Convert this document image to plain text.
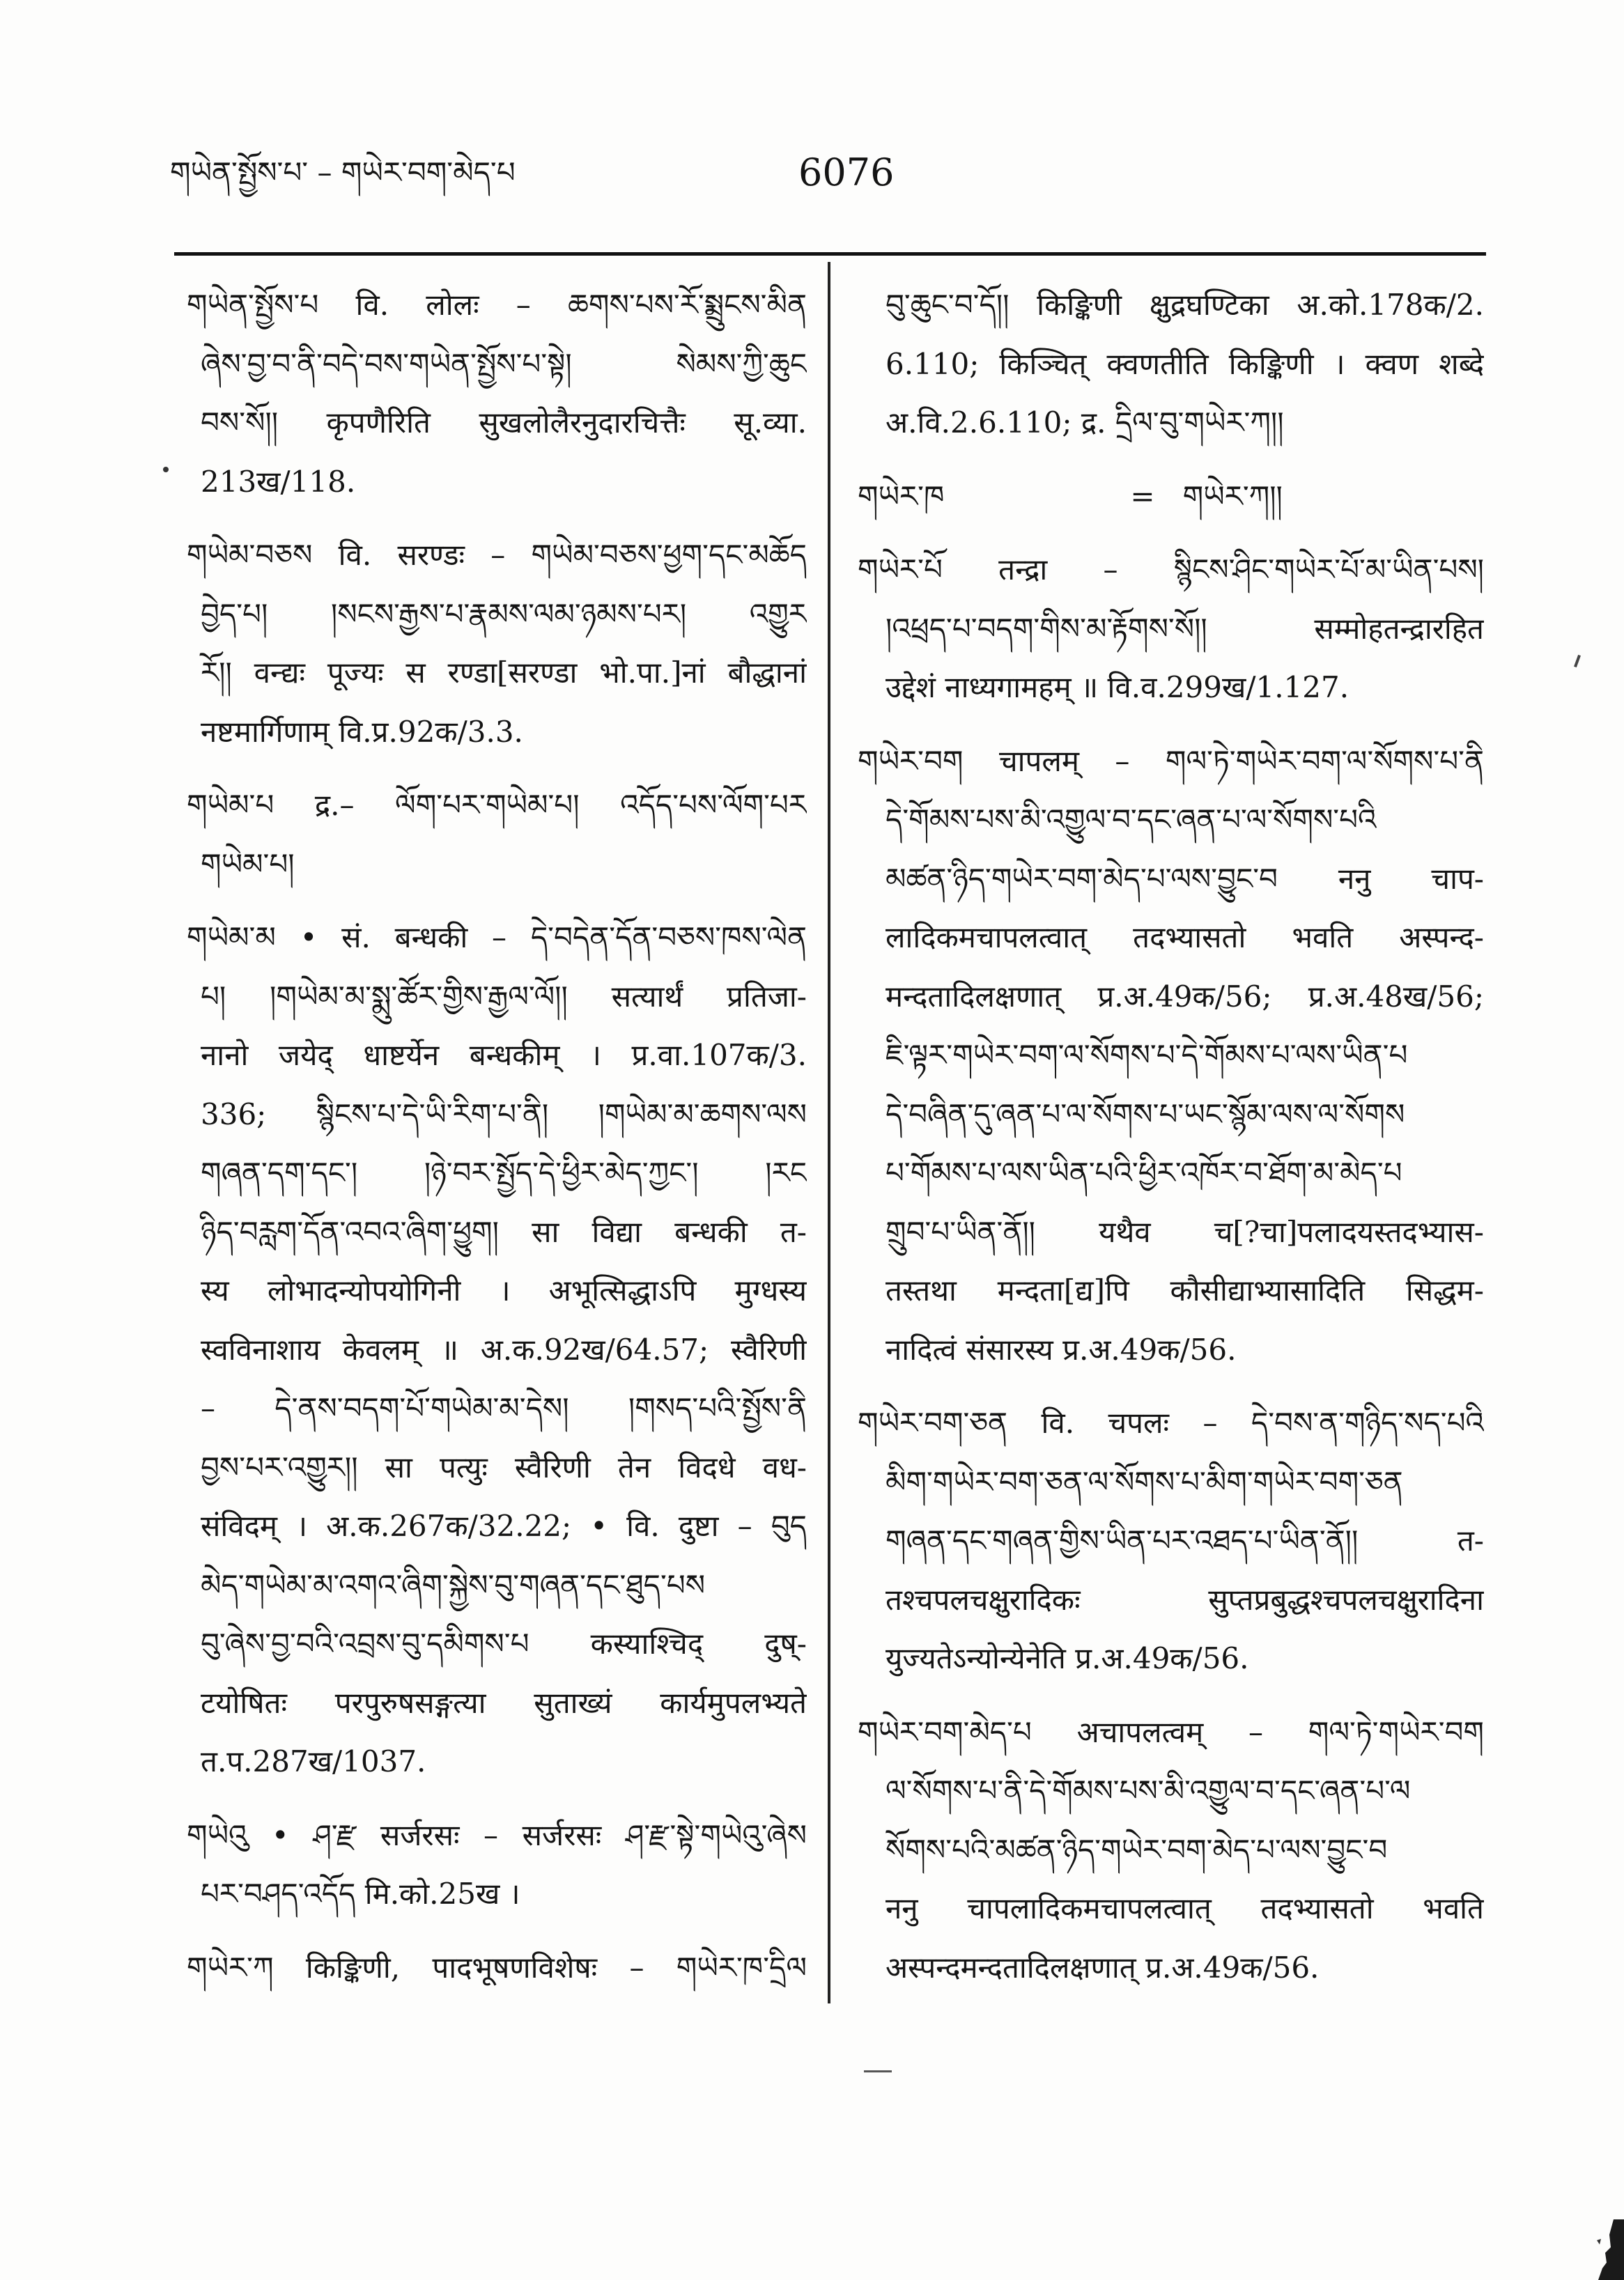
གཡེན་སྤྱོས་པ་ – གཡེར་བག་མེད་པ	6076
གཡེན་སྤྱོས་པ वि. लोलः – ཆགས་པས་རོ་སྨྲུངས་མིན
ཞེས་བྱ་བ་ནི་བདེ་བས་གཡེན་སྤྱོས་པ་སྟེ། སེམས་ཀྱི་ཆུང
བས་སོ།། कृपणैरिति सुखलोलैरनुदारचित्तैः सू.व्या.
213ख/118.
གཡེམ་བཅས वि. सरण्डः – གཡེམ་བཅས་ཕྱག་དང་མཆོད
བྱེད་པ། །སངས་རྒྱས་པ་རྣམས་ལམ་ཉམས་པར། འགྱུར
རོ།། वन्द्यः पूज्यः स रण्डा[सरण्डा भो.पा.]नां बौद्धानां
नष्टमार्गिणाम् वि.प्र.92क/3.3.
གཡེམ་པ द्र.– ལོག་པར་གཡེམ་པ། འདོད་པས་ལོག་པར
གཡེམ་པ།
གཡེམ་མ • सं. बन्धकी – དེ་བདེན་དོན་བཅས་ཁས་ལེན
པ། །གཡེམ་མ་སྨུ་ཚོར་གྱིས་རྒྱལ་ལོ།། सत्यार्थं प्रतिजा-
नानो जयेद् धाष्टर्येन बन्धकीम् । प्र.वा.107क/3.
336; སྙིངས་པ་དེ་ཡི་རིག་པ་ནི། །གཡེམ་མ་ཆགས་ལས
གཞན་དག་དང་། །ཉེ་བར་སྤྱོད་དེ་ཕྱིར་མེད་ཀྱང་། །རང
ཉིད་བརླག་དོན་འབའ་ཞིག་ཕྱུག། सा विद्या बन्धकी त-
स्य लोभादन्योपयोगिनी । अभूत्सिद्धाऽपि मुग्धस्य
स्वविनाशाय केवलम् ॥ अ.क.92ख/64.57; स्वैरिणी
– དེ་ནས་བདག་པོ་གཡེམ་མ་དེས། །གསད་པའི་སྤྱོས་ནི
བྱས་པར་འགྱུར།། सा पत्युः स्वैरिणी तेन विदधे वध-
संविदम् । अ.क.267क/32.22; • वि. दुष्टा – བུད
མེད་གཡེམ་མ་འགའ་ཞིག་སྐྱེས་བུ་གཞན་དང་ཐུད་པས
བུ་ཞེས་བྱ་བའི་འབྲས་བུ་དམིགས་པ कस्याश्चिद् दुष्-
टयोषितः परपुरुषसङ्गत्या सुताख्यं कार्यमुपलभ्यते
त.प.287ख/1037.
གཡེའུ • ཤ་རྫ सर्जरसः – सर्जरसः ཤ་རྫ་སྟེ་གཡེའུ་ཞེས
པར་བཤད་འདོད मि.को.25ख ।
གཡེར་ཀ किङ्किणी, पादभूषणविशेषः – གཡེར་ཁ་དྲིལ
བུ་ཆུང་བ་དོ།། किङ्किणी क्षुद्रघण्टिका अ.को.178क/2.
6.110; किञ्चित् क्वणतीति किङ्किणी । क्वण शब्दे
अ.वि.2.6.110; द्र. དྲིལ་བུ་གཡེར་ཀ།།
གཡེར་ཁ                    =   གཡེར་ཀ།།
གཡེར་པོ तन्द्रा – སྙིངས་ཤིང་གཡེར་པོ་མ་ཡིན་པས།
།འཕྲད་པ་བདག་གིས་མ་རྟོགས་སོ།། सम्मोहतन्द्रारहित
उद्देशं नाध्यगामहम् ॥ वि.व.299ख/1.127.
གཡེར་བག चापलम् – གལ་ཏེ་གཡེར་བག་ལ་སོགས་པ་ནི
དེ་གོམས་པས་མི་འགྱུལ་བ་དང་ཞན་པ་ལ་སོགས་པའི
མཚན་ཉིད་གཡེར་བག་མེད་པ་ལས་བྱུང་བ ननु चाप-
लादिकमचापलत्वात् तदभ्यासतो भवति अस्पन्द-
मन्दतादिलक्षणात् प्र.अ.49क/56; प्र.अ.48ख/56;
ཇི་ལྟར་གཡེར་བག་ལ་སོགས་པ་དེ་གོམས་པ་ལས་ཡིན་པ
དེ་བཞིན་དུ་ཞན་པ་ལ་སོགས་པ་ཡང་སྙོམ་ལས་ལ་སོགས
པ་གོམས་པ་ལས་ཡིན་པའི་ཕྱིར་འཁོར་བ་ཐོག་མ་མེད་པ
གྲུབ་པ་ཡིན་ནོ།། यथैव च[?चा]पलादयस्तदभ्यास-
तस्तथा मन्दता[द्य]पि कौसीद्याभ्यासादिति सिद्धम-
नादित्वं संसारस्य प्र.अ.49क/56.
གཡེར་བག་ཅན वि. चपलः – དེ་བས་ན་གཉིད་སད་པའི
མིག་གཡེར་བག་ཅན་ལ་སོགས་པ་མིག་གཡེར་བག་ཅན
གཞན་དང་གཞན་གྱིས་ཡིན་པར་འཐད་པ་ཡིན་ནོ།། त-
तश्चपलचक्षुरादिकः सुप्तप्रबुद्धश्चपलचक्षुरादिना
युज्यतेऽन्योन्येनेति प्र.अ.49क/56.
གཡེར་བག་མེད་པ अचापलत्वम् – གལ་ཏེ་གཡེར་བག
ལ་སོགས་པ་ནི་དེ་གོམས་པས་མི་འགྱུལ་བ་དང་ཞན་པ་ལ
སོགས་པའི་མཚན་ཉིད་གཡེར་བག་མེད་པ་ལས་བྱུང་བ
ननु चापलादिकमचापलत्वात् तदभ्यासतो भवति
अस्पन्दमन्दतादिलक्षणात् प्र.अ.49क/56.
